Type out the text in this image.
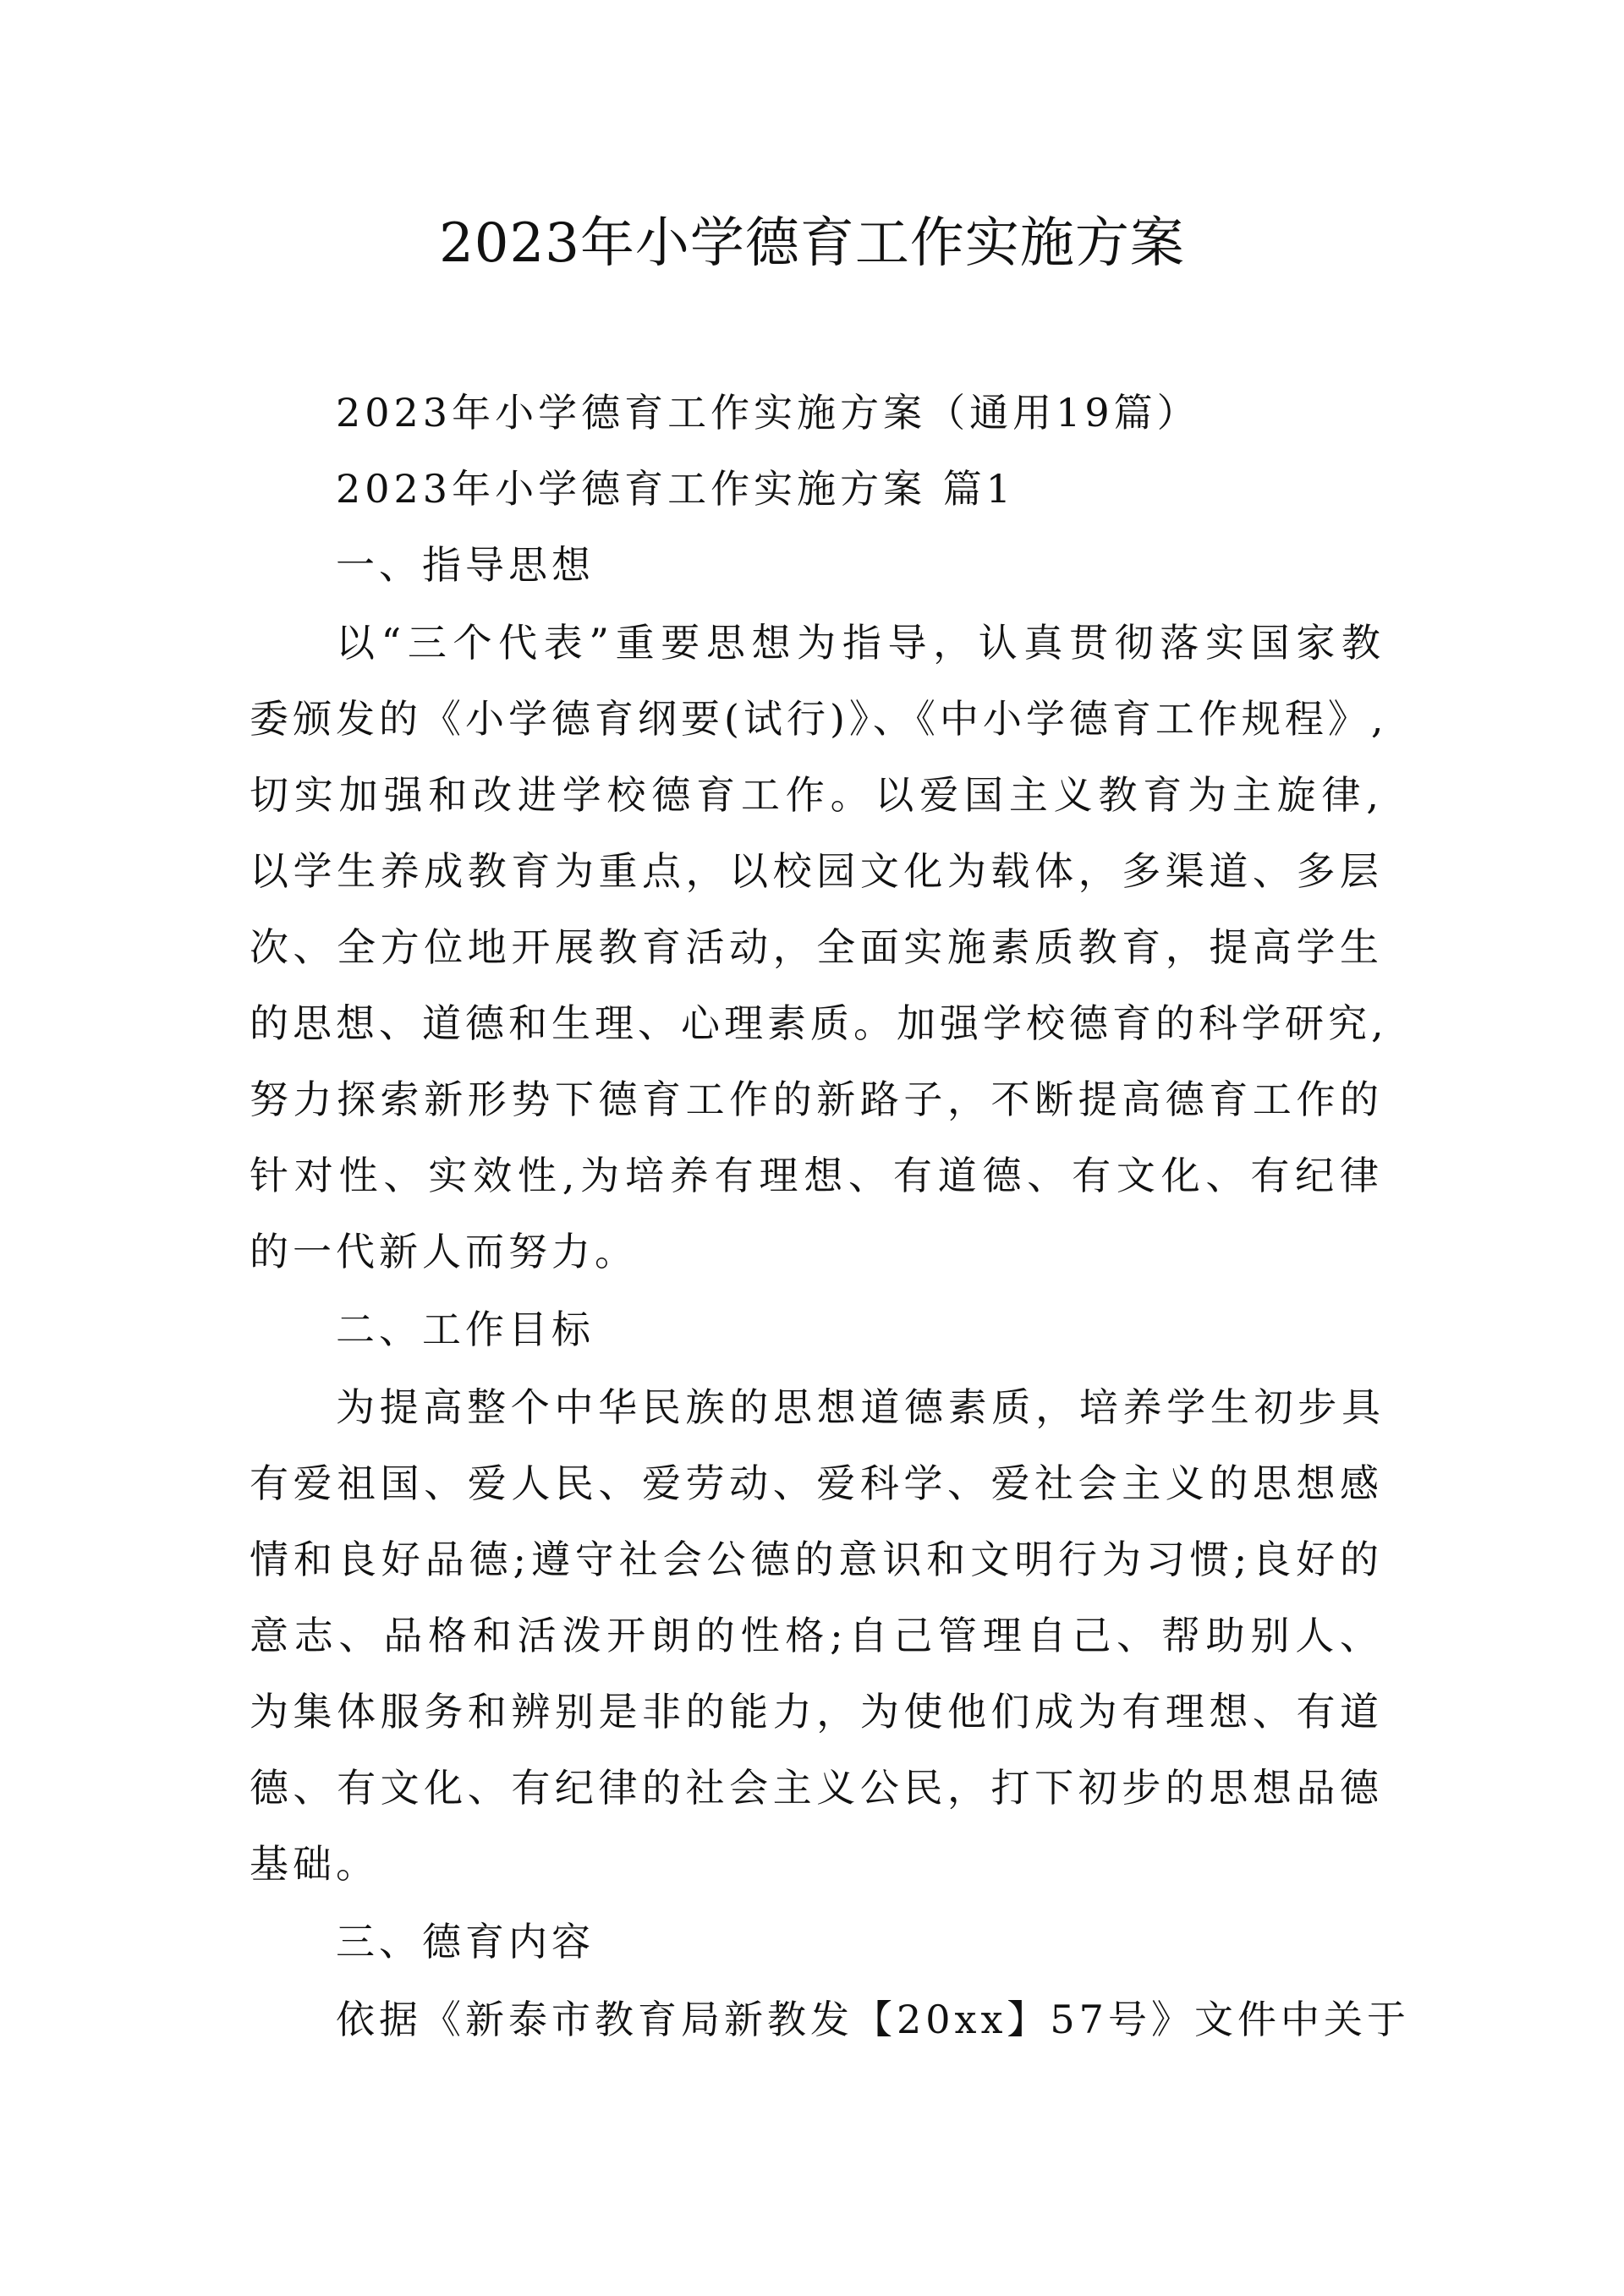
2023年小学德育工作实施方案
2023年小学德育工作实施方案（通用19篇）
2023年小学德育工作实施方案 篇1
一、指导思想
以“三个代表”重要思想为指导，认真贯彻落实国家教
委颁发的《小学德育纲要(试行)》、《中小学德育工作规程》,
切实加强和改进学校德育工作。以爱国主义教育为主旋律,
以学生养成教育为重点，以校园文化为载体，多渠道、多层
次、全方位地开展教育活动，全面实施素质教育，提高学生
的思想、道德和生理、心理素质。加强学校德育的科学研究,
努力探索新形势下德育工作的新路子，不断提高德育工作的
针对性、实效性,为培养有理想、有道德、有文化、有纪律
的一代新人而努力。
二、工作目标
为提高整个中华民族的思想道德素质，培养学生初步具
有爱祖国、爱人民、爱劳动、爱科学、爱社会主义的思想感
情和良好品德;遵守社会公德的意识和文明行为习惯;良好的
意志、品格和活泼开朗的性格;自己管理自己、帮助别人、
为集体服务和辨别是非的能力，为使他们成为有理想、有道
德、有文化、有纪律的社会主义公民，打下初步的思想品德
基础。
三、德育内容
依据《新泰市教育局新教发【20xx】57号》文件中关于
